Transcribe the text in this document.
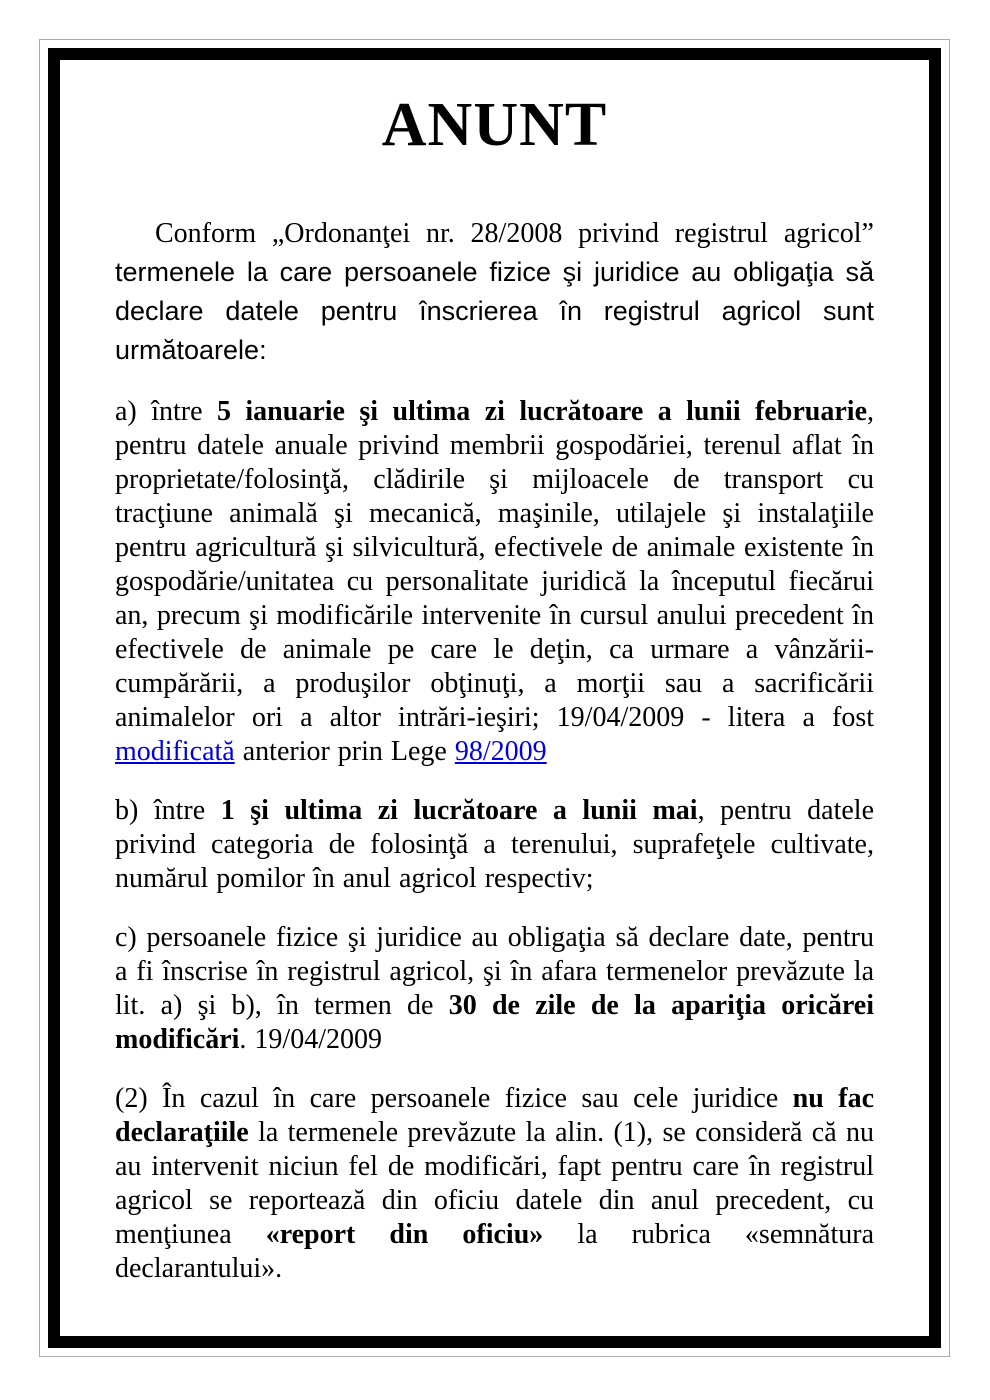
ANUNT

Conform „Ordonanţei nr. 28/2008 privind registrul agricol” termenele la care persoanele fizice şi juridice au obligaţia să declare datele pentru înscrierea în registrul agricol sunt următoarele:

a) între 5 ianuarie şi ultima zi lucrătoare a lunii februarie, pentru datele anuale privind membrii gospodăriei, terenul aflat în proprietate/folosinţă, clădirile şi mijloacele de transport cu tracţiune animală şi mecanică, maşinile, utilajele şi instalaţiile pentru agricultură şi silvicultură, efectivele de animale existente în gospodărie/unitatea cu personalitate juridică la începutul fiecărui an, precum şi modificările intervenite în cursul anului precedent în efectivele de animale pe care le deţin, ca urmare a vânzării-cumpărării, a produşilor obţinuţi, a morţii sau a sacrificării animalelor ori a altor intrări-ieşiri; 19/04/2009 - litera a fost modificată anterior prin Lege 98/2009

b) între 1 şi ultima zi lucrătoare a lunii mai, pentru datele privind categoria de folosinţă a terenului, suprafeţele cultivate, numărul pomilor în anul agricol respectiv;

c) persoanele fizice şi juridice au obligaţia să declare date, pentru a fi înscrise în registrul agricol, şi în afara termenelor prevăzute la lit. a) şi b), în termen de 30 de zile de la apariţia oricărei modificări. 19/04/2009

(2) În cazul în care persoanele fizice sau cele juridice nu fac declaraţiile la termenele prevăzute la alin. (1), se consideră că nu au intervenit niciun fel de modificări, fapt pentru care în registrul agricol se reportează din oficiu datele din anul precedent, cu menţiunea «report din oficiu» la rubrica «semnătura declarantului».
